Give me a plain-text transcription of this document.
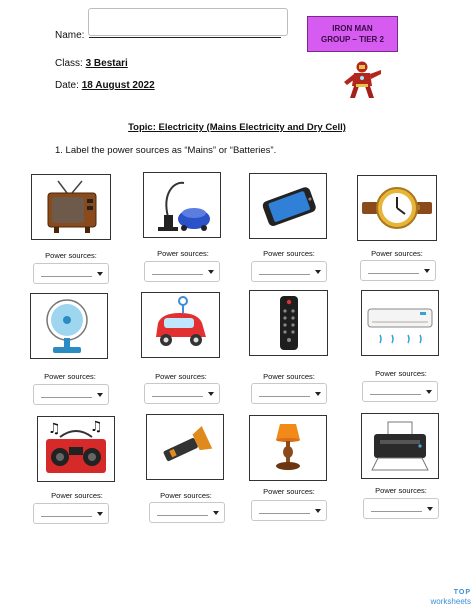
Name:
Class: 3 Bestari
Date: 18 August 2022
IRON MAN
GROUP – TIER 2
Topic: Electricity (Mains Electricity and Dry Cell)
1. Label the power sources as “Mains” or “Batteries”.
Power sources:	Power sources:	Power sources:	Power sources:
Power sources:	Power sources:	Power sources:	Power sources:
♫ ♫
Power sources:	Power sources:	Power sources:	Power sources:
TOP
worksheets
